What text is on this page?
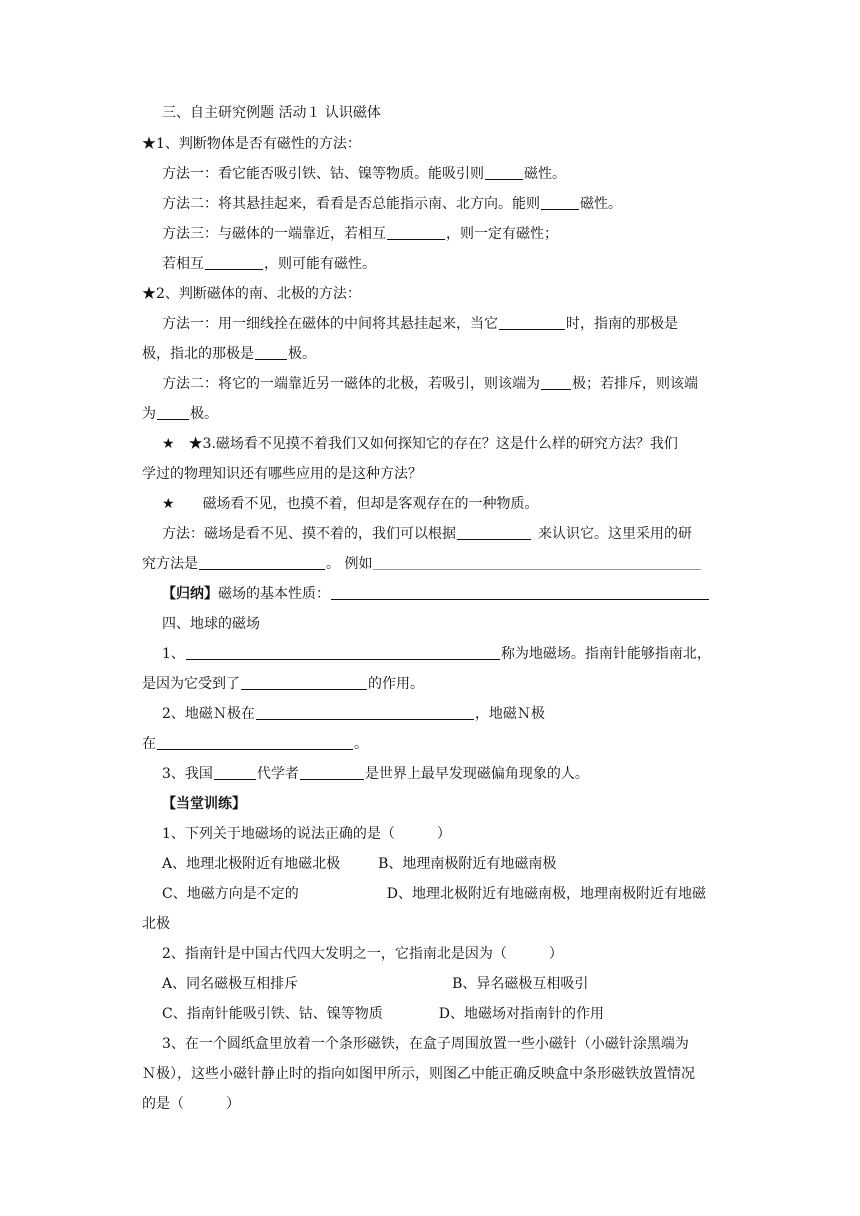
三、自主研究例题 活动１ 认识磁体
★1、判断物体是否有磁性的方法：
方法一：看它能否吸引铁、钴、镍等物质。能吸引则	磁性。
方法二：将其悬挂起来，看看是否总能指示南、北方向。能则	磁性。
方法三：与磁体的一端靠近，若相互	，则一定有磁性；
若相互	，则可能有磁性。
★2、判断磁体的南、北极的方法：
方法一：用一细线拴在磁体的中间将其悬挂起来，当它	时，指南的那极是
极，指北的那极是 极。
方法二：将它的一端靠近另一磁体的北极，若吸引，则该端为 极；若排斥，则该端
为 极。
★ ★3.磁场看不见摸不着我们又如何探知它的存在？这是什么样的研究方法？我们
学过的物理知识还有哪些应用的是这种方法？
★ 磁场看不见，也摸不着，但却是客观存在的一种物质。
方法：磁场是看不见、摸不着的，我们可以根据	来认识它。这里采用的研
究方法是	。 例如
【归纳】磁场的基本性质：
四、地球的磁场
1、	称为地磁场。指南针能够指南北，
是因为它受到了	的作用。
2、地磁Ｎ极在	，地磁Ｎ极
在	。
3、我国	代学者	是世界上最早发现磁偏角现象的人。
【当堂训练】
1、下列关于地磁场的说法正确的是（　　　）
A、地理北极附近有地磁北极	B、地理南极附近有地磁南极
C、地磁方向是不定的	D、地理北极附近有地磁南极，地理南极附近有地磁
北极
2、指南针是中国古代四大发明之一，它指南北是因为（　　　）
A、同名磁极互相排斥	B、异名磁极互相吸引
C、指南针能吸引铁、钴、镍等物质	D、地磁场对指南针的作用
3、在一个圆纸盒里放着一个条形磁铁，在盒子周围放置一些小磁针（小磁针涂黑端为
Ｎ极），这些小磁针静止时的指向如图甲所示，则图乙中能正确反映盒中条形磁铁放置情况
的是（　　　）
